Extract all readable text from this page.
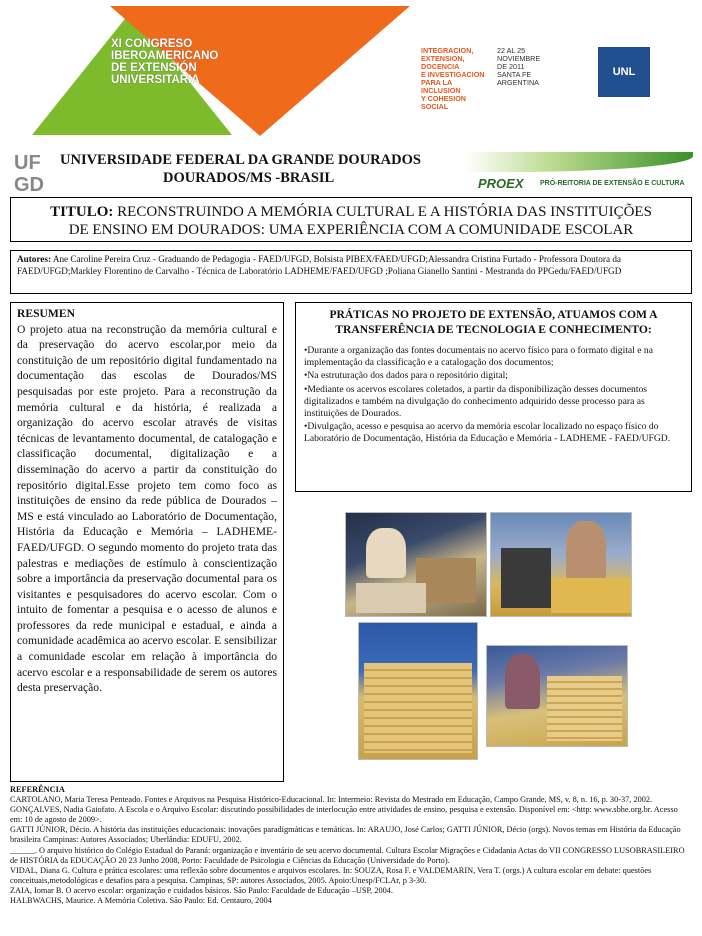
XI CONGRESO
IBEROAMERICANO
DE EXTENSIÓN
UNIVERSITARIA
INTEGRACION,
EXTENSION,
DOCENCIA
E INVESTIGACION
PARA LA
INCLUSION
Y COHESION
SOCIAL
22 AL 25
NOVIEMBRE
DE 2011
SANTA FE
ARGENTINA
UNL
UF
GD
UNIVERSIDADE FEDERAL DA GRANDE DOURADOS
DOURADOS/MS -BRASIL	PROEX PRÓ-REITORIA DE EXTENSÃO E CULTURA
TITULO: RECONSTRUINDO A MEMÓRIA CULTURAL E A HISTÓRIA DAS INSTITUIÇÕES
DE ENSINO EM DOURADOS: UMA EXPERIÊNCIA COM A COMUNIDADE ESCOLAR
Autores: Ane Caroline Pereira Cruz - Graduando de Pedagogia - FAED/UFGD, Bolsista PIBEX/FAED/UFGD;Alessandra Cristina Furtado - Professora Doutora da FAED/UFGD;Markley Florentino de Carvalho - Técnica de Laboratório LADHEME/FAED/UFGD ;Poliana Gianello Santini - Mestranda do PPGedu/FAED/UFGD
RESUMEN
O projeto atua na reconstrução da memória cultural e da preservação do acervo escolar,por meio da constituição de um repositório digital fundamentado na documentação das escolas de Dourados/MS pesquisadas por este projeto. Para a reconstrução da memória cultural e da história, é realizada a organização do acervo escolar através de visitas técnicas de levantamento documental, de catalogação e classificação documental, digitalização e a disseminação do acervo a partir da constituição do repositório digital.Esse projeto tem como foco as instituições de ensino da rede pública de Dourados – MS e está vinculado ao Laboratório de Documentação, História da Educação e Memória – LADHEME-FAED/UFGD. O segundo momento do projeto trata das palestras e mediações de estímulo à conscientização sobre a importância da preservação documental para os visitantes e pesquisadores do acervo escolar. Com o intuito de fomentar a pesquisa e o acesso de alunos e professores da rede municipal e estadual, e ainda a comunidade acadêmica ao acervo escolar. E sensibilizar a comunidade escolar em relação à importância do acervo escolar e a responsabilidade de serem os autores desta preservação.
PRÁTICAS NO PROJETO DE EXTENSÃO, ATUAMOS COM A TRANSFERÊNCIA DE TECNOLOGIA E CONHECIMENTO:

•Durante a organização das fontes documentais no acervo físico para o formato digital e na implementação da classificação e a catalogação dos documentos;

•Na estruturação dos dados para o repositório digital;

•Mediante os acervos escolares coletados, a partir da disponibilização desses documentos digitalizados e também na divulgação do conhecimento adquirido desse processo para as instituições de Dourados.

•Divulgação, acesso e pesquisa ao acervo da memória escolar localizado no espaço físico do Laboratório de Documentação, História da Educação e Memória - LADHEME - FAED/UFGD.

REFERÊNCIA

CARTOLANO, Maria Teresa Penteado. Fontes e Arquivos na Pesquisa Histórico-Educacional. In: Intermeio: Revista do Mestrado em Educação, Campo Grande, MS, v. 8, n. 16, p. 30-37, 2002.

GONÇALVES, Nadia Gaiofato. A Escola e o Arquivo Escolar: discutindo possibilidades de interlocução entre atividades de ensino, pesquisa e extensão. Disponível em: <http: www.sbhe.org.br. Acesso em: 10 de agosto de 2009>.

GATTI JÚNIOR, Décio. A história das instituições educacionais: inovações paradigmáticas e temáticas. In: ARAUJO, José Carlos; GATTI JÚNIOR, Décio (orgs). Novos temas em História da Educação brasileira Campinas: Autores Associados; Uberlândia: EDUFU, 2002.

______. O arquivo histórico do Colégio Estadual do Paraná: organização e inventário de seu acervo documental. Cultura Escolar Migrações e Cidadania Actas do VII CONGRESSO LUSOBRASILEIRO de HISTÓRIA da EDUCAÇÃO 20 23 Junho 2008, Porto: Faculdade de Psicologia e Ciências da Educação (Universidade do Porto).

VIDAL, Diana G. Cultura e prática escolares: uma reflexão sobre documentos e arquivos escolares. In: SOUZA, Rosa F. e VALDEMARIN, Vera T. (orgs.) A cultura escolar em debate: questões conceituais,metodológicas e desafios para a pesquisa. Campinas, SP: autores Associados, 2005. Apoio:Unesp/FCLAr, p 3-30.

ZAIA, Iomar B. O acervo escolar: organização e cuidados básicos. São Paulo: Faculdade de Educação –USP, 2004.

HALBWACHS, Maurice. A Memória Coletiva. São Paulo: Ed. Centauro, 2004
